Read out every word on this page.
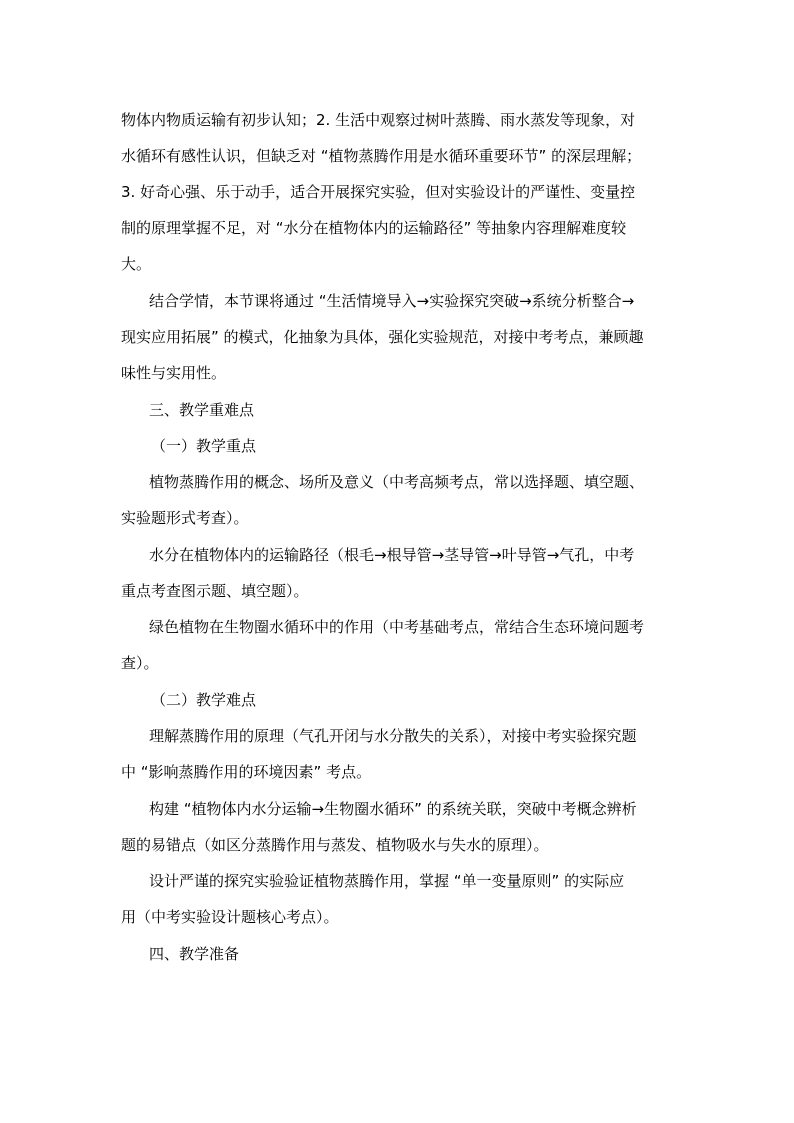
物体内物质运输有初步认知；2. 生活中观察过树叶蒸腾、雨水蒸发等现象，对
水循环有感性认识，但缺乏对 “植物蒸腾作用是水循环重要环节” 的深层理解；
3. 好奇心强、乐于动手，适合开展探究实验，但对实验设计的严谨性、变量控
制的原理掌握不足，对 “水分在植物体内的运输路径” 等抽象内容理解难度较
大。
结合学情，本节课将通过 “生活情境导入→实验探究突破→系统分析整合→
现实应用拓展” 的模式，化抽象为具体，强化实验规范，对接中考考点，兼顾趣
味性与实用性。
三、教学重难点
（一）教学重点
植物蒸腾作用的概念、场所及意义（中考高频考点，常以选择题、填空题、
实验题形式考查）。
水分在植物体内的运输路径（根毛→根导管→茎导管→叶导管→气孔，中考
重点考查图示题、填空题）。
绿色植物在生物圈水循环中的作用（中考基础考点，常结合生态环境问题考
查）。
（二）教学难点
理解蒸腾作用的原理（气孔开闭与水分散失的关系），对接中考实验探究题
中 “影响蒸腾作用的环境因素” 考点。
构建 “植物体内水分运输→生物圈水循环” 的系统关联，突破中考概念辨析
题的易错点（如区分蒸腾作用与蒸发、植物吸水与失水的原理）。
设计严谨的探究实验验证植物蒸腾作用，掌握 “单一变量原则” 的实际应
用（中考实验设计题核心考点）。
四、教学准备
